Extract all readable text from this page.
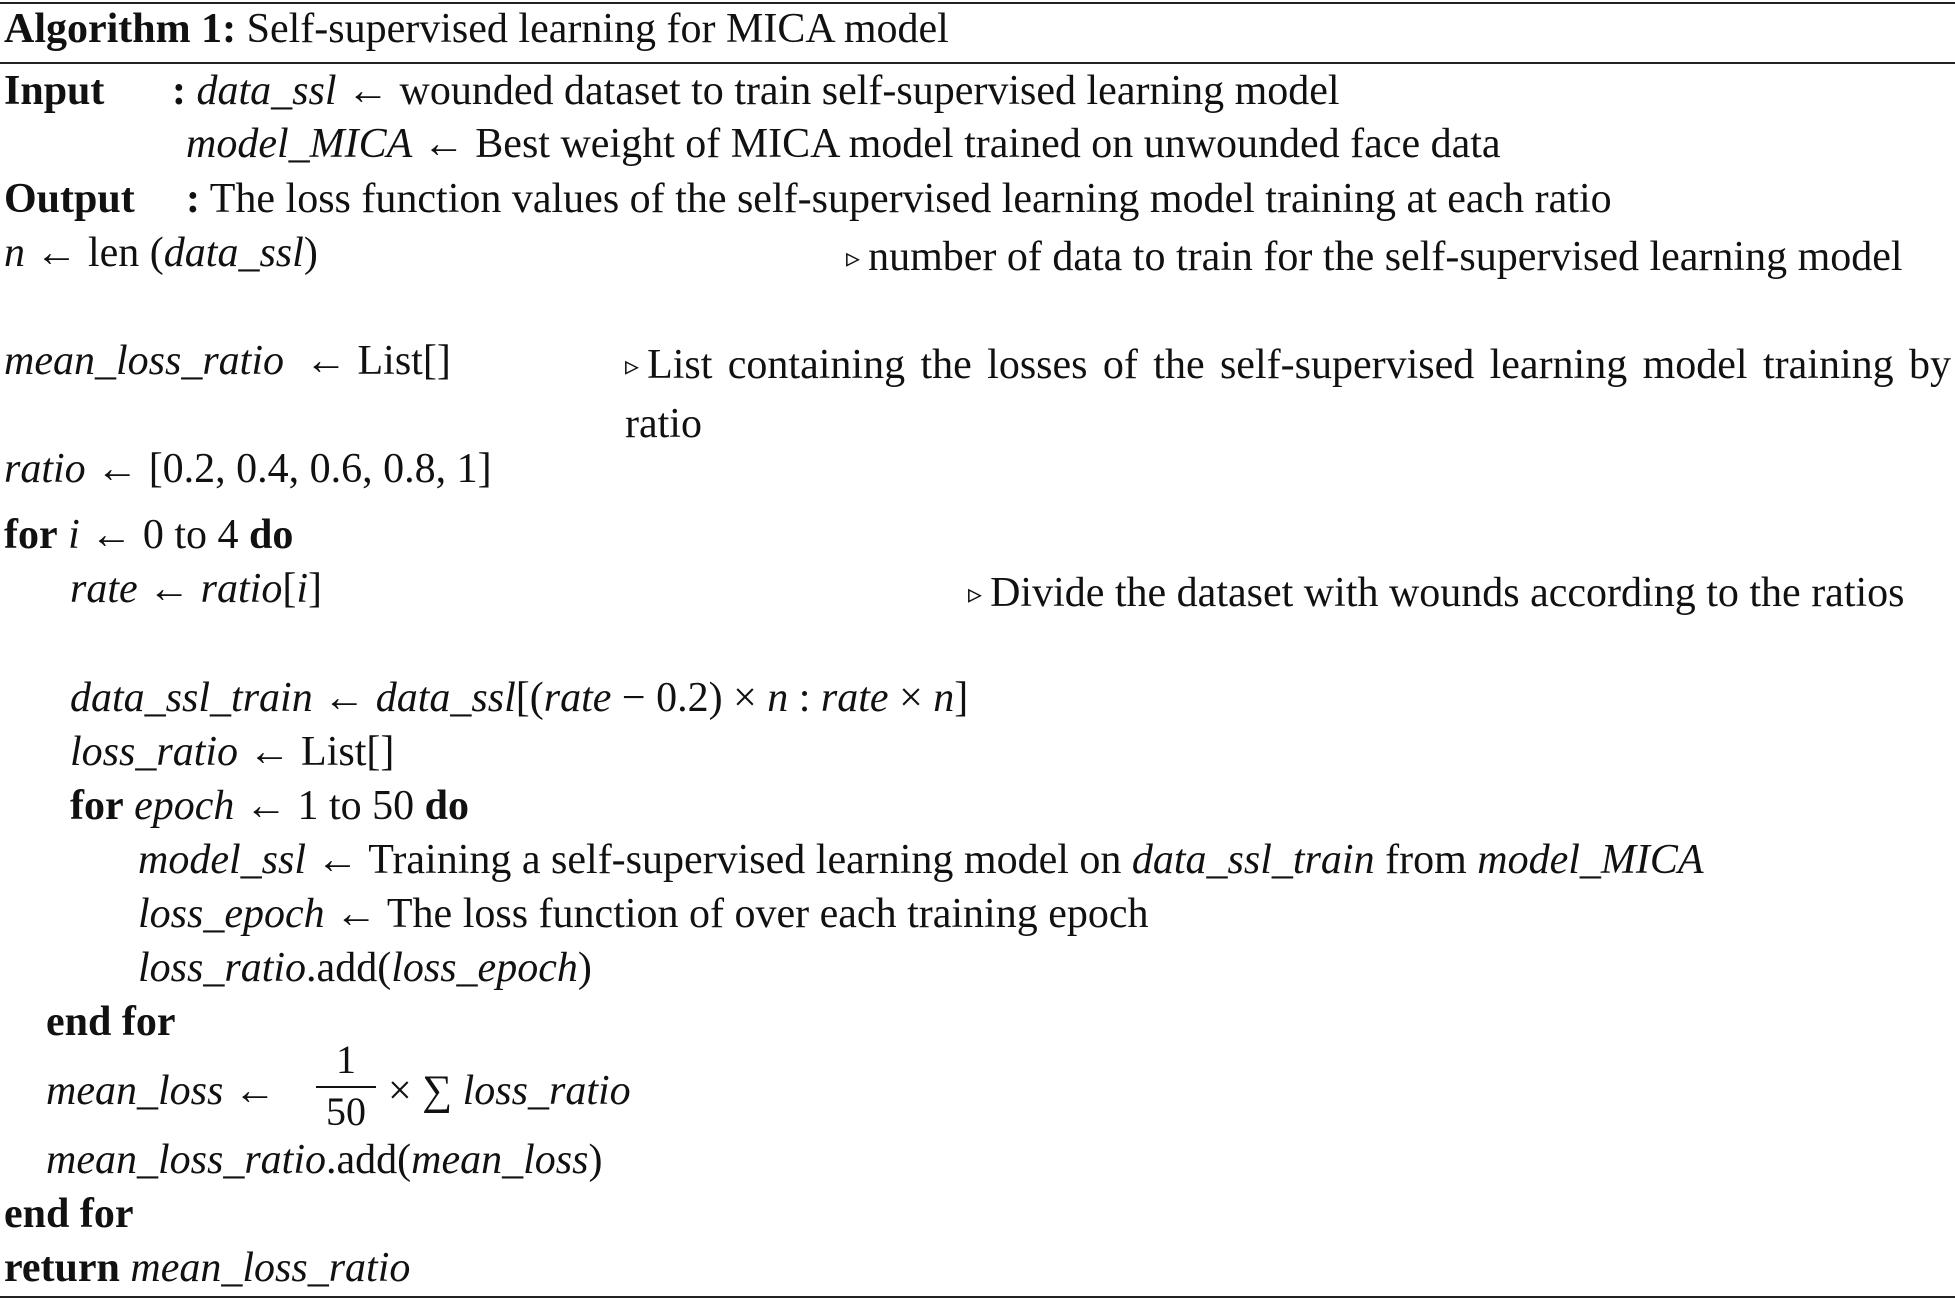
Algorithm 1: Self-supervised learning for MICA model
Input : data_ssl ← wounded dataset to train self-supervised learning model
model_MICA ← Best weight of MICA model trained on unwounded face data
Output : The loss function values of the self-supervised learning model training at each ratio
n ← len (data_ssl)	▹ number of data to train for the self-supervised learning model
mean_loss_ratio ← List[]	▹ List containing the losses of the self-supervised learning model training by ratio
ratio ← [0.2, 0.4, 0.6, 0.8, 1]
for i ← 0 to 4 do
rate ← ratio[i]	▹ Divide the dataset with wounds according to the ratios
data_ssl_train ← data_ssl[(rate − 0.2) × n : rate × n]
loss_ratio ← List[]
for epoch ← 1 to 50 do
model_ssl ← Training a self-supervised learning model on data_ssl_train from model_MICA
loss_epoch ← The loss function of over each training epoch
loss_ratio.add(loss_epoch)
end for
mean_loss ←
1
50 × ∑ loss_ratio
mean_loss_ratio.add(mean_loss)
end for
return mean_loss_ratio
